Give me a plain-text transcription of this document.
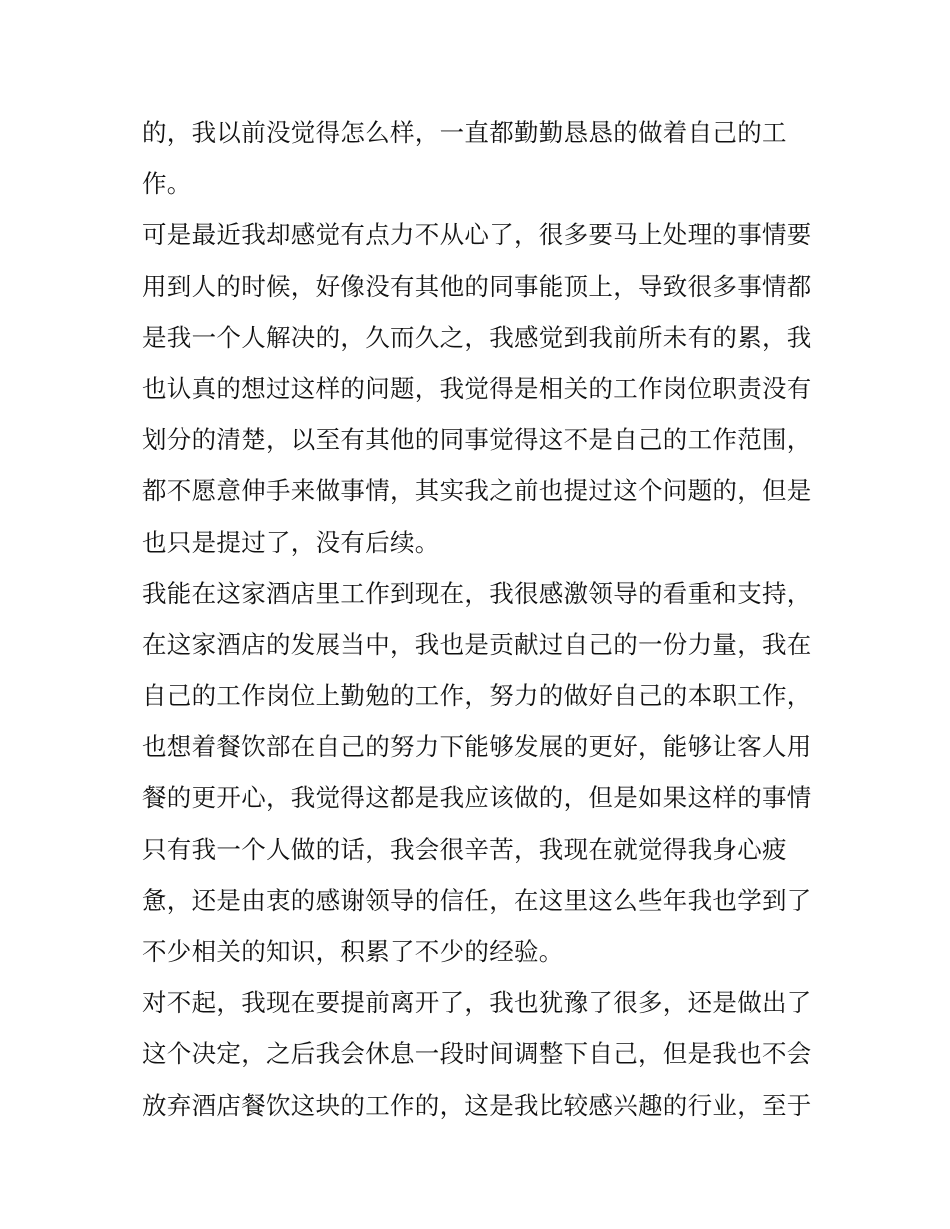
的，我以前没觉得怎么样，一直都勤勤恳恳的做着自己的工
作。
可是最近我却感觉有点力不从心了，很多要马上处理的事情要
用到人的时候，好像没有其他的同事能顶上，导致很多事情都
是我一个人解决的，久而久之，我感觉到我前所未有的累，我
也认真的想过这样的问题，我觉得是相关的工作岗位职责没有
划分的清楚，以至有其他的同事觉得这不是自己的工作范围，
都不愿意伸手来做事情，其实我之前也提过这个问题的，但是
也只是提过了，没有后续。
我能在这家酒店里工作到现在，我很感激领导的看重和支持，
在这家酒店的发展当中，我也是贡献过自己的一份力量，我在
自己的工作岗位上勤勉的工作，努力的做好自己的本职工作，
也想着餐饮部在自己的努力下能够发展的更好，能够让客人用
餐的更开心，我觉得这都是我应该做的，但是如果这样的事情
只有我一个人做的话，我会很辛苦，我现在就觉得我身心疲
惫，还是由衷的感谢领导的信任，在这里这么些年我也学到了
不少相关的知识，积累了不少的经验。
对不起，我现在要提前离开了，我也犹豫了很多，还是做出了
这个决定，之后我会休息一段时间调整下自己，但是我也不会
放弃酒店餐饮这块的工作的，这是我比较感兴趣的行业，至于
